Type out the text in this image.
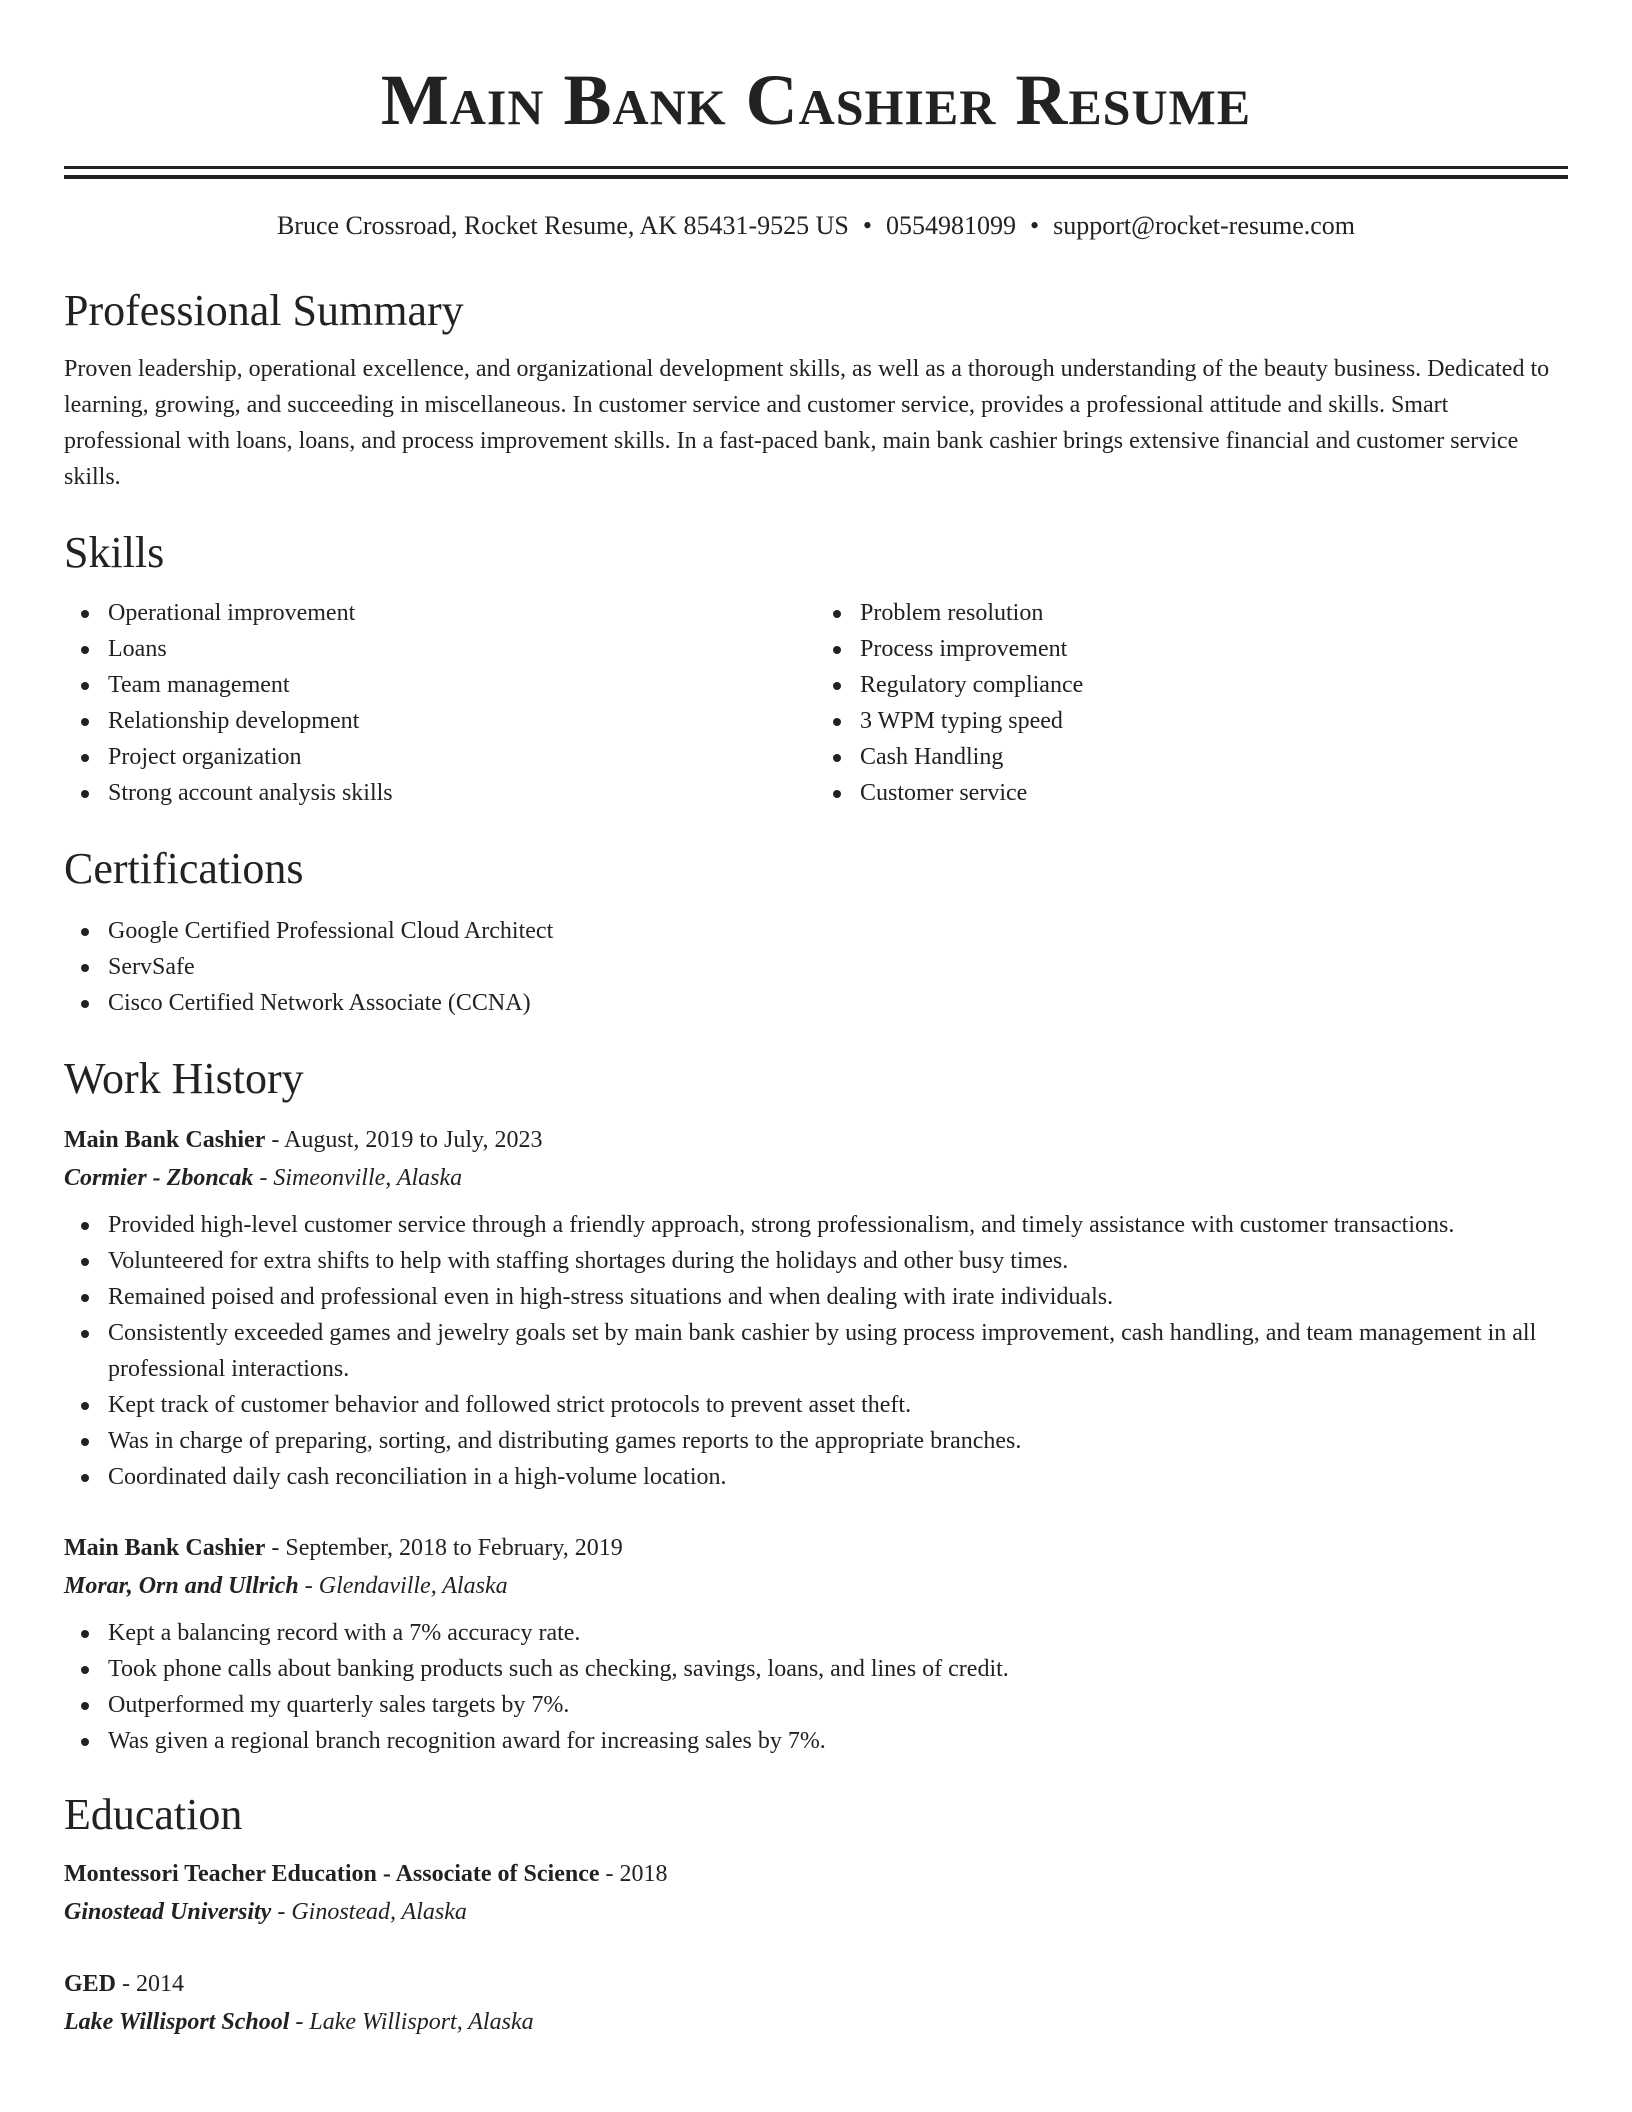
Main Bank Cashier Resume
Bruce Crossroad, Rocket Resume, AK 85431-9525 US • 0554981099 • support@rocket-resume.com
Professional Summary

Proven leadership, operational excellence, and organizational development skills, as well as a thorough understanding of the beauty business. Dedicated to learning, growing, and succeeding in miscellaneous. In customer service and customer service, provides a professional attitude and skills. Smart professional with loans, loans, and process improvement skills. In a fast-paced bank, main bank cashier brings extensive financial and customer service skills.

Skills
Operational improvement
Loans
Team management
Relationship development
Project organization
Strong account analysis skills
Problem resolution
Process improvement
Regulatory compliance
3 WPM typing speed
Cash Handling
Customer service
Certifications
Google Certified Professional Cloud Architect
ServSafe
Cisco Certified Network Associate (CCNA)
Work History
Main Bank Cashier - August, 2019 to July, 2023
Cormier - Zboncak - Simeonville, Alaska
Provided high-level customer service through a friendly approach, strong professionalism, and timely assistance with customer transactions.
Volunteered for extra shifts to help with staffing shortages during the holidays and other busy times.
Remained poised and professional even in high-stress situations and when dealing with irate individuals.
Consistently exceeded games and jewelry goals set by main bank cashier by using process improvement, cash handling, and team management in all professional interactions.
Kept track of customer behavior and followed strict protocols to prevent asset theft.
Was in charge of preparing, sorting, and distributing games reports to the appropriate branches.
Coordinated daily cash reconciliation in a high-volume location.
Main Bank Cashier - September, 2018 to February, 2019
Morar, Orn and Ullrich - Glendaville, Alaska
Kept a balancing record with a 7% accuracy rate.
Took phone calls about banking products such as checking, savings, loans, and lines of credit.
Outperformed my quarterly sales targets by 7%.
Was given a regional branch recognition award for increasing sales by 7%.
Education
Montessori Teacher Education - Associate of Science - 2018
Ginostead University - Ginostead, Alaska
GED - 2014
Lake Willisport School - Lake Willisport, Alaska
